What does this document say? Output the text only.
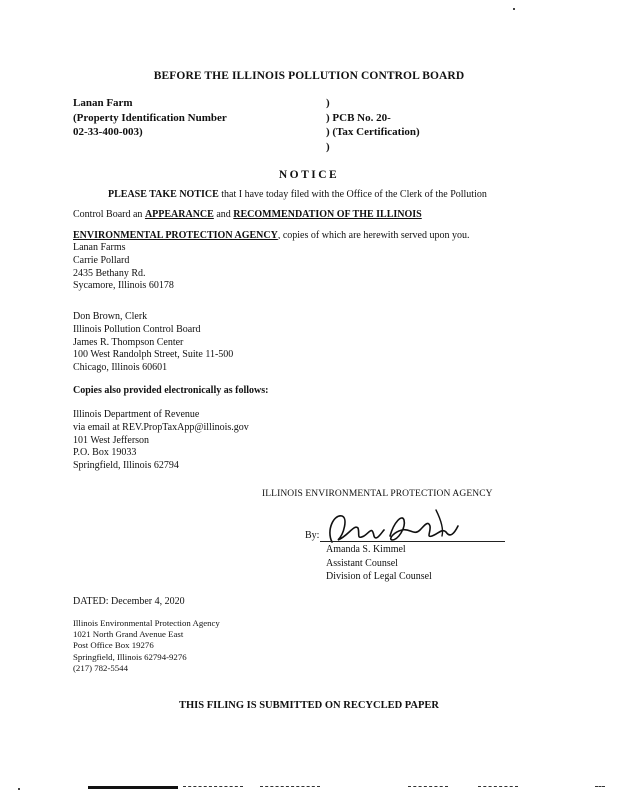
BEFORE THE ILLINOIS POLLUTION CONTROL BOARD
Lanan Farm
(Property Identification Number
02-33-400-003)
)
) PCB No. 20-
) (Tax Certification)
)
NOTICE
PLEASE TAKE NOTICE that I have today filed with the Office of the Clerk of the Pollution
Control Board an APPEARANCE and RECOMMENDATION OF THE ILLINOIS
ENVIRONMENTAL PROTECTION AGENCY, copies of which are herewith served upon you.
Lanan Farms
Carrie Pollard
2435 Bethany Rd.
Sycamore, Illinois 60178
Don Brown, Clerk
Illinois Pollution Control Board
James R. Thompson Center
100 West Randolph Street, Suite 11-500
Chicago, Illinois 60601
Copies also provided electronically as follows:
Illinois Department of Revenue
via email at REV.PropTaxApp@illinois.gov
101 West Jefferson
P.O. Box 19033
Springfield, Illinois 62794
ILLINOIS ENVIRONMENTAL PROTECTION AGENCY
By:
Amanda S. Kimmel
Assistant Counsel
Division of Legal Counsel
DATED: December 4, 2020
Illinois Environmental Protection Agency
1021 North Grand Avenue East
Post Office Box 19276
Springfield, Illinois 62794-9276
(217) 782-5544
THIS FILING IS SUBMITTED ON RECYCLED PAPER
